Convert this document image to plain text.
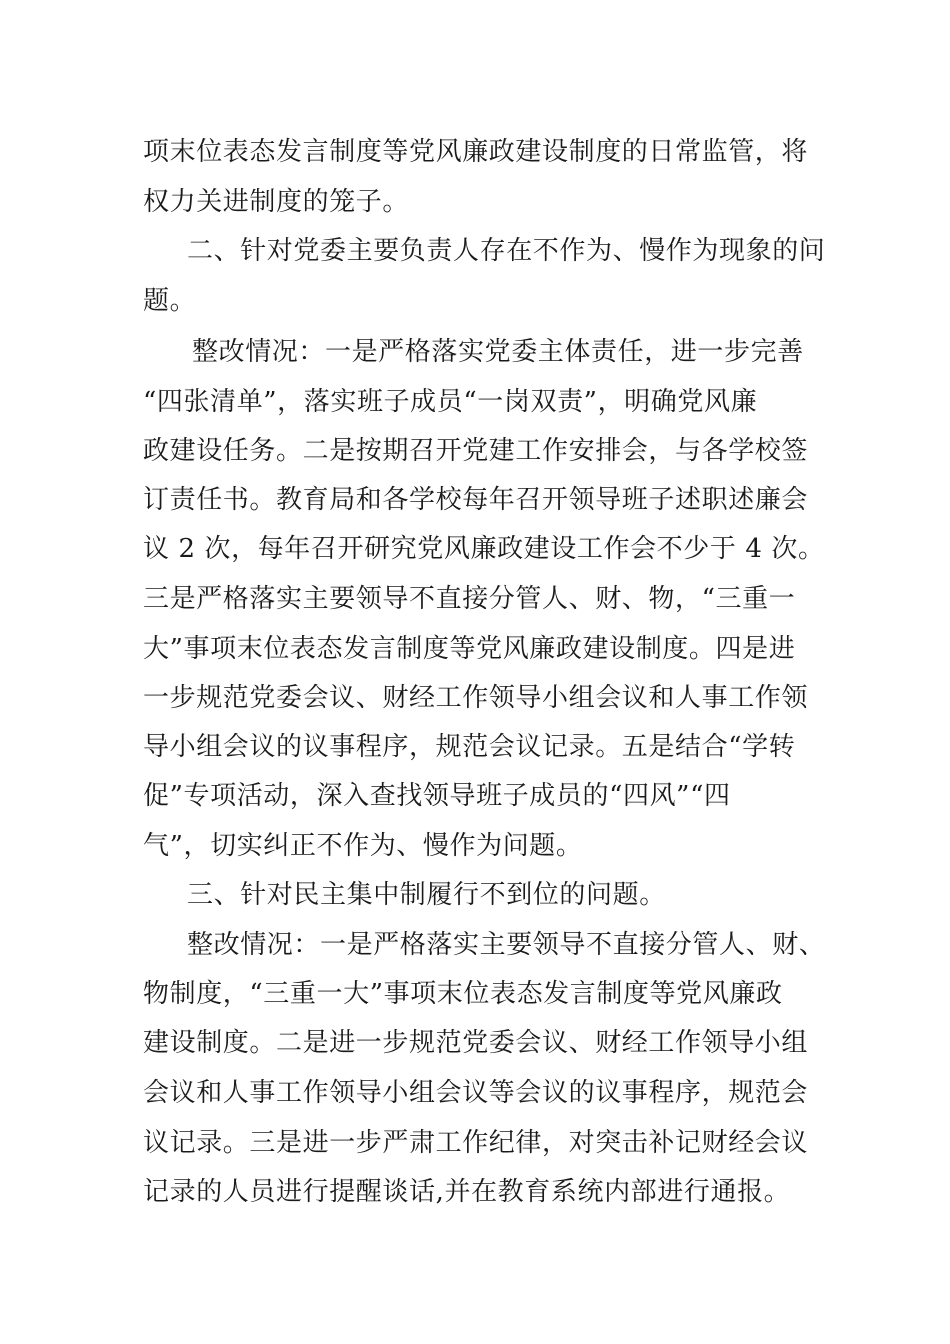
项末位表态发言制度等党风廉政建设制度的日常监管，将
权力关进制度的笼子。
二、针对党委主要负责人存在不作为、慢作为现象的问
题。
整改情况：一是严格落实党委主体责任，进一步完善
“四张清单”，落实班子成员“一岗双责”，明确党风廉
政建设任务。二是按期召开党建工作安排会，与各学校签
订责任书。教育局和各学校每年召开领导班子述职述廉会
议 2 次，每年召开研究党风廉政建设工作会不少于 4 次。
三是严格落实主要领导不直接分管人、财、物，“三重一
大”事项末位表态发言制度等党风廉政建设制度。四是进
一步规范党委会议、财经工作领导小组会议和人事工作领
导小组会议的议事程序，规范会议记录。五是结合“学转
促”专项活动，深入查找领导班子成员的“四风”“四
气”，切实纠正不作为、慢作为问题。
三、针对民主集中制履行不到位的问题。
整改情况：一是严格落实主要领导不直接分管人、财、
物制度，“三重一大”事项末位表态发言制度等党风廉政
建设制度。二是进一步规范党委会议、财经工作领导小组
会议和人事工作领导小组会议等会议的议事程序，规范会
议记录。三是进一步严肃工作纪律，对突击补记财经会议
记录的人员进行提醒谈话,并在教育系统内部进行通报。
